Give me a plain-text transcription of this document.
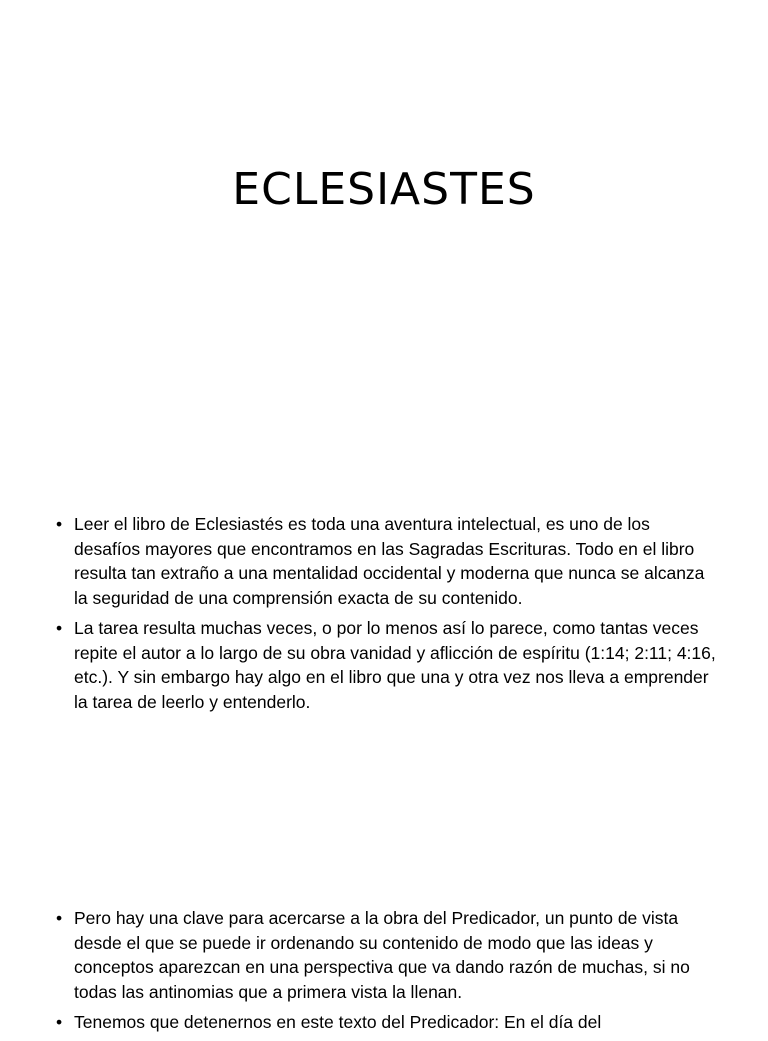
ECLESIASTES
• Leer el libro de Eclesiastés es toda una aventura intelectual, es uno de los desafíos mayores que encontramos en las Sagradas Escrituras. Todo en el libro resulta tan extraño a una mentalidad occidental y moderna que nunca se alcanza la seguridad de una comprensión exacta de su contenido.
• La tarea resulta muchas veces, o por lo menos así lo parece, como tantas veces repite el autor a lo largo de su obra vanidad y aflicción de espíritu (1:14; 2:11; 4:16, etc.). Y sin embargo hay algo en el libro que una y otra vez nos lleva a emprender la tarea de leerlo y entenderlo.
• Pero hay una clave para acercarse a la obra del Predicador, un punto de vista desde el que se puede ir ordenando su contenido de modo que las ideas y conceptos aparezcan en una perspectiva que va dando razón de muchas, si no todas las antinomias que a primera vista la llenan.
• Tenemos que detenernos en este texto del Predicador: En el día del
